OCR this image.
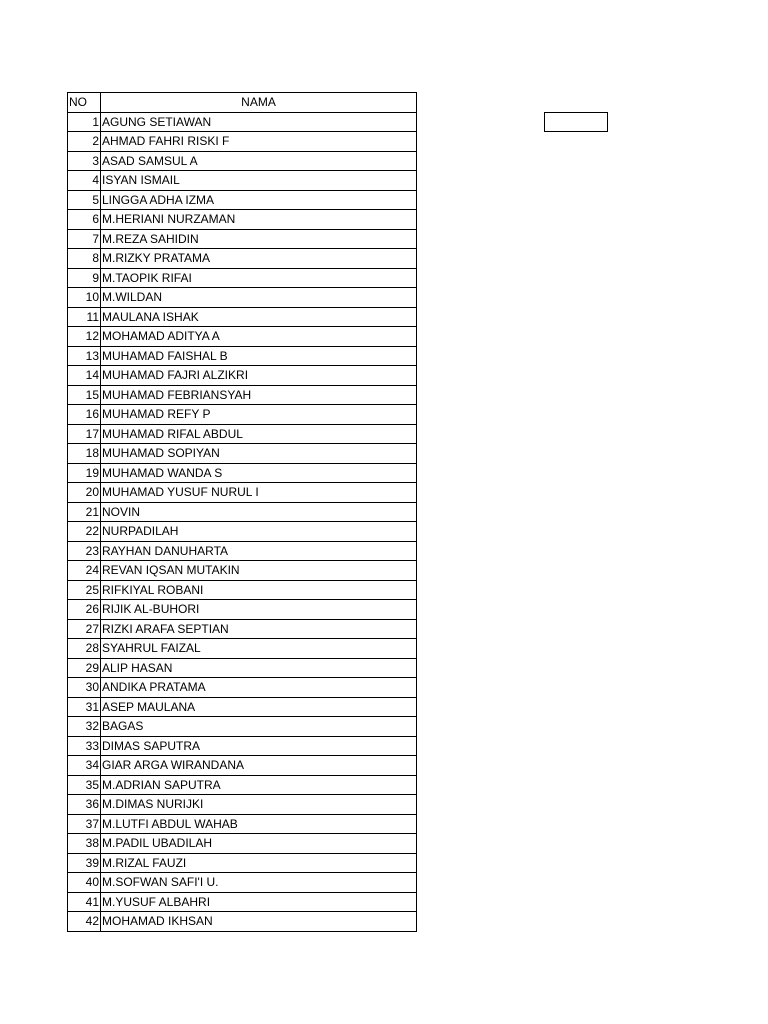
NO	NAMA
1	AGUNG SETIAWAN
2	AHMAD FAHRI RISKI F
3	ASAD SAMSUL A
4	ISYAN ISMAIL
5	LINGGA ADHA IZMA
6	M.HERIANI NURZAMAN
7	M.REZA SAHIDIN
8	M.RIZKY PRATAMA
9	M.TAOPIK RIFAI
10	M.WILDAN
11	MAULANA ISHAK
12	MOHAMAD ADITYA A
13	MUHAMAD FAISHAL B
14	MUHAMAD FAJRI ALZIKRI
15	MUHAMAD FEBRIANSYAH
16	MUHAMAD REFY P
17	MUHAMAD RIFAL ABDUL
18	MUHAMAD SOPIYAN
19	MUHAMAD WANDA S
20	MUHAMAD YUSUF NURUL I
21	NOVIN
22	NURPADILAH
23	RAYHAN DANUHARTA
24	REVAN IQSAN MUTAKIN
25	RIFKIYAL ROBANI
26	RIJIK AL-BUHORI
27	RIZKI ARAFA SEPTIAN
28	SYAHRUL FAIZAL
29	ALIP HASAN
30	ANDIKA PRATAMA
31	ASEP MAULANA
32	BAGAS
33	DIMAS SAPUTRA
34	GIAR ARGA WIRANDANA
35	M.ADRIAN SAPUTRA
36	M.DIMAS NURIJKI
37	M.LUTFI ABDUL WAHAB
38	M.PADIL UBADILAH
39	M.RIZAL FAUZI
40	M.SOFWAN SAFI'I U.
41	M.YUSUF ALBAHRI
42	MOHAMAD IKHSAN
